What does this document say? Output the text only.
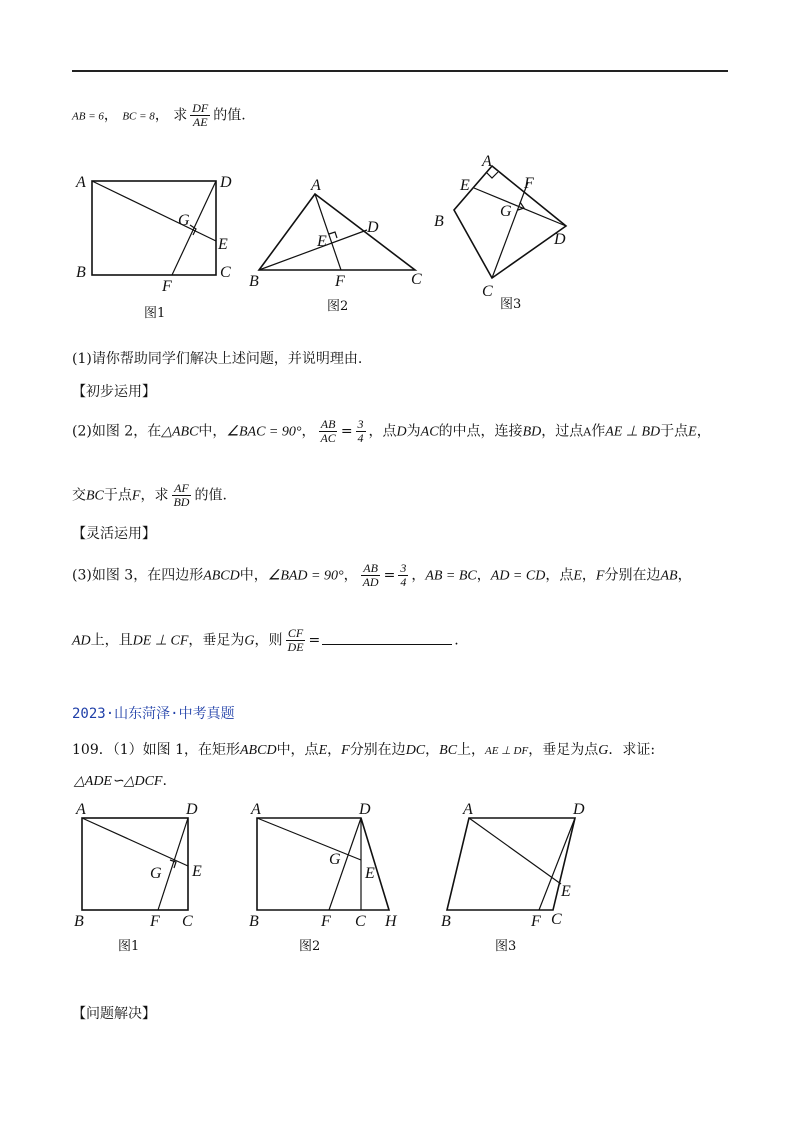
AB = 6， BC = 8， 求 $\frac{DF}{AE}$ 的值.
A	D
G
E
B
F
C
图1
A
D
E
B	F	C
图2
A
E	F
G
B
D
C
图3
(1)请你帮助同学们解决上述问题，并说明理由.
【初步运用】
(2)如图 2，在△ABC中，∠BAC = 90°， $\frac{AB}{AC} = \frac{3}{4}$ ，点D为AC的中点，连接BD，过点A作AE ⊥ BD于点E，
交BC于点F，求 $\frac{AF}{BD}$ 的值.
【灵活运用】
(3)如图 3，在四边形ABCD中，∠BAD = 90°， $\frac{AB}{AD} = \frac{3}{4}$ ，AB = BC，AD = CD，点E，F分别在边AB，
AD上，且DE ⊥ CF，垂足为G，则 $\frac{CF}{DE}$ =	.
2023·山东菏泽·中考真题
109．（1）如图 1，在矩形ABCD中，点E，F分别在边DC，BC上，AE ⊥ DF，垂足为点G．求证:
△ADE∽△DCF.
A	D
G E
B	F C
图1
A	D
G
E
B	F C H
图2
A	D
E
B	F C
图3
【问题解决】
